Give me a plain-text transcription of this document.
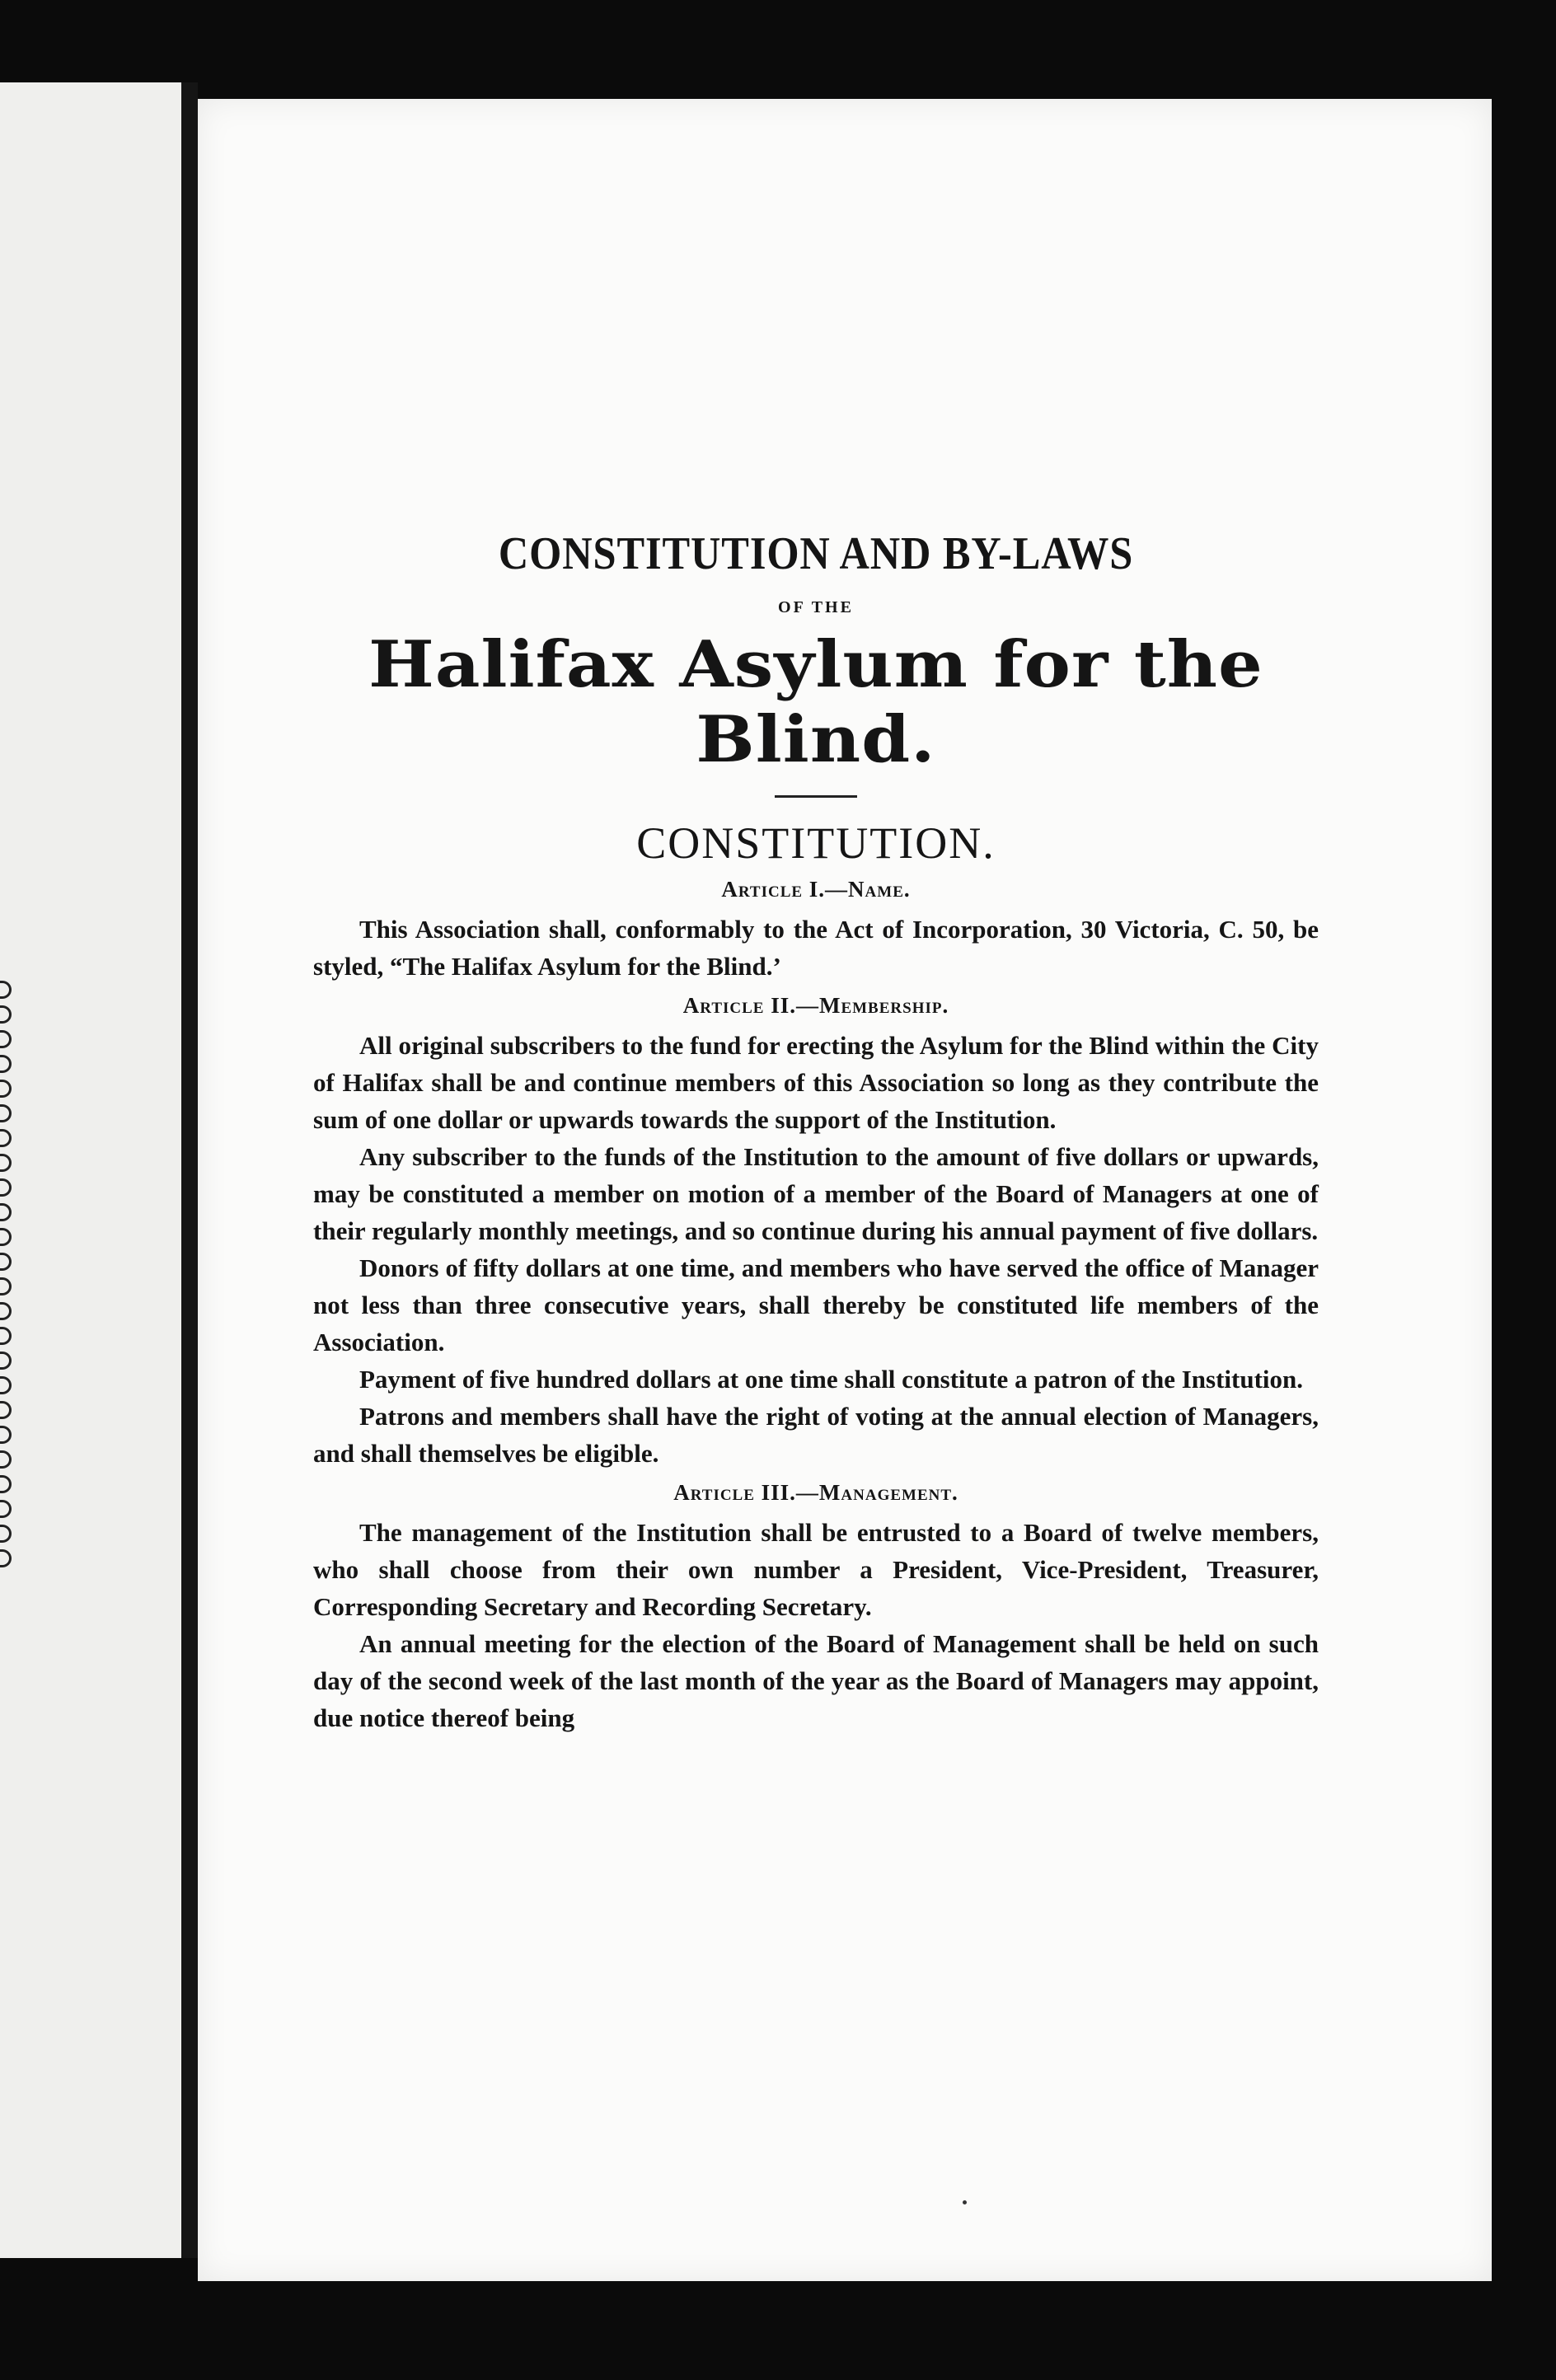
CONSTITUTION AND BY-LAWS
OF THE
Halifax Asylum for the Blind.
CONSTITUTION.
Article I.—Name.

This Association shall, conformably to the Act of Incorporation, 30 Victoria, C. 50, be styled, “The Halifax Asylum for the Blind.’

Article II.—Membership.

All original subscribers to the fund for erecting the Asylum for the Blind within the City of Halifax shall be and continue members of this Association so long as they contribute the sum of one dollar or upwards towards the support of the Institution.

Any subscriber to the funds of the Institution to the amount of five dollars or upwards, may be constituted a member on motion of a member of the Board of Managers at one of their regularly monthly meetings, and so continue during his annual payment of five dollars.

Donors of fifty dollars at one time, and members who have served the office of Manager not less than three consecutive years, shall thereby be constituted life members of the Association.

Payment of five hundred dollars at one time shall constitute a patron of the Institution.

Patrons and members shall have the right of voting at the annual election of Managers, and shall themselves be eligible.

Article III.—Management.

The management of the Institution shall be entrusted to a Board of twelve members, who shall choose from their own number a President, Vice-President, Treasurer, Corresponding Secretary and Recording Secretary.

An annual meeting for the election of the Board of Management shall be held on such day of the second week of the last month of the year as the Board of Managers may appoint, due notice thereof being
